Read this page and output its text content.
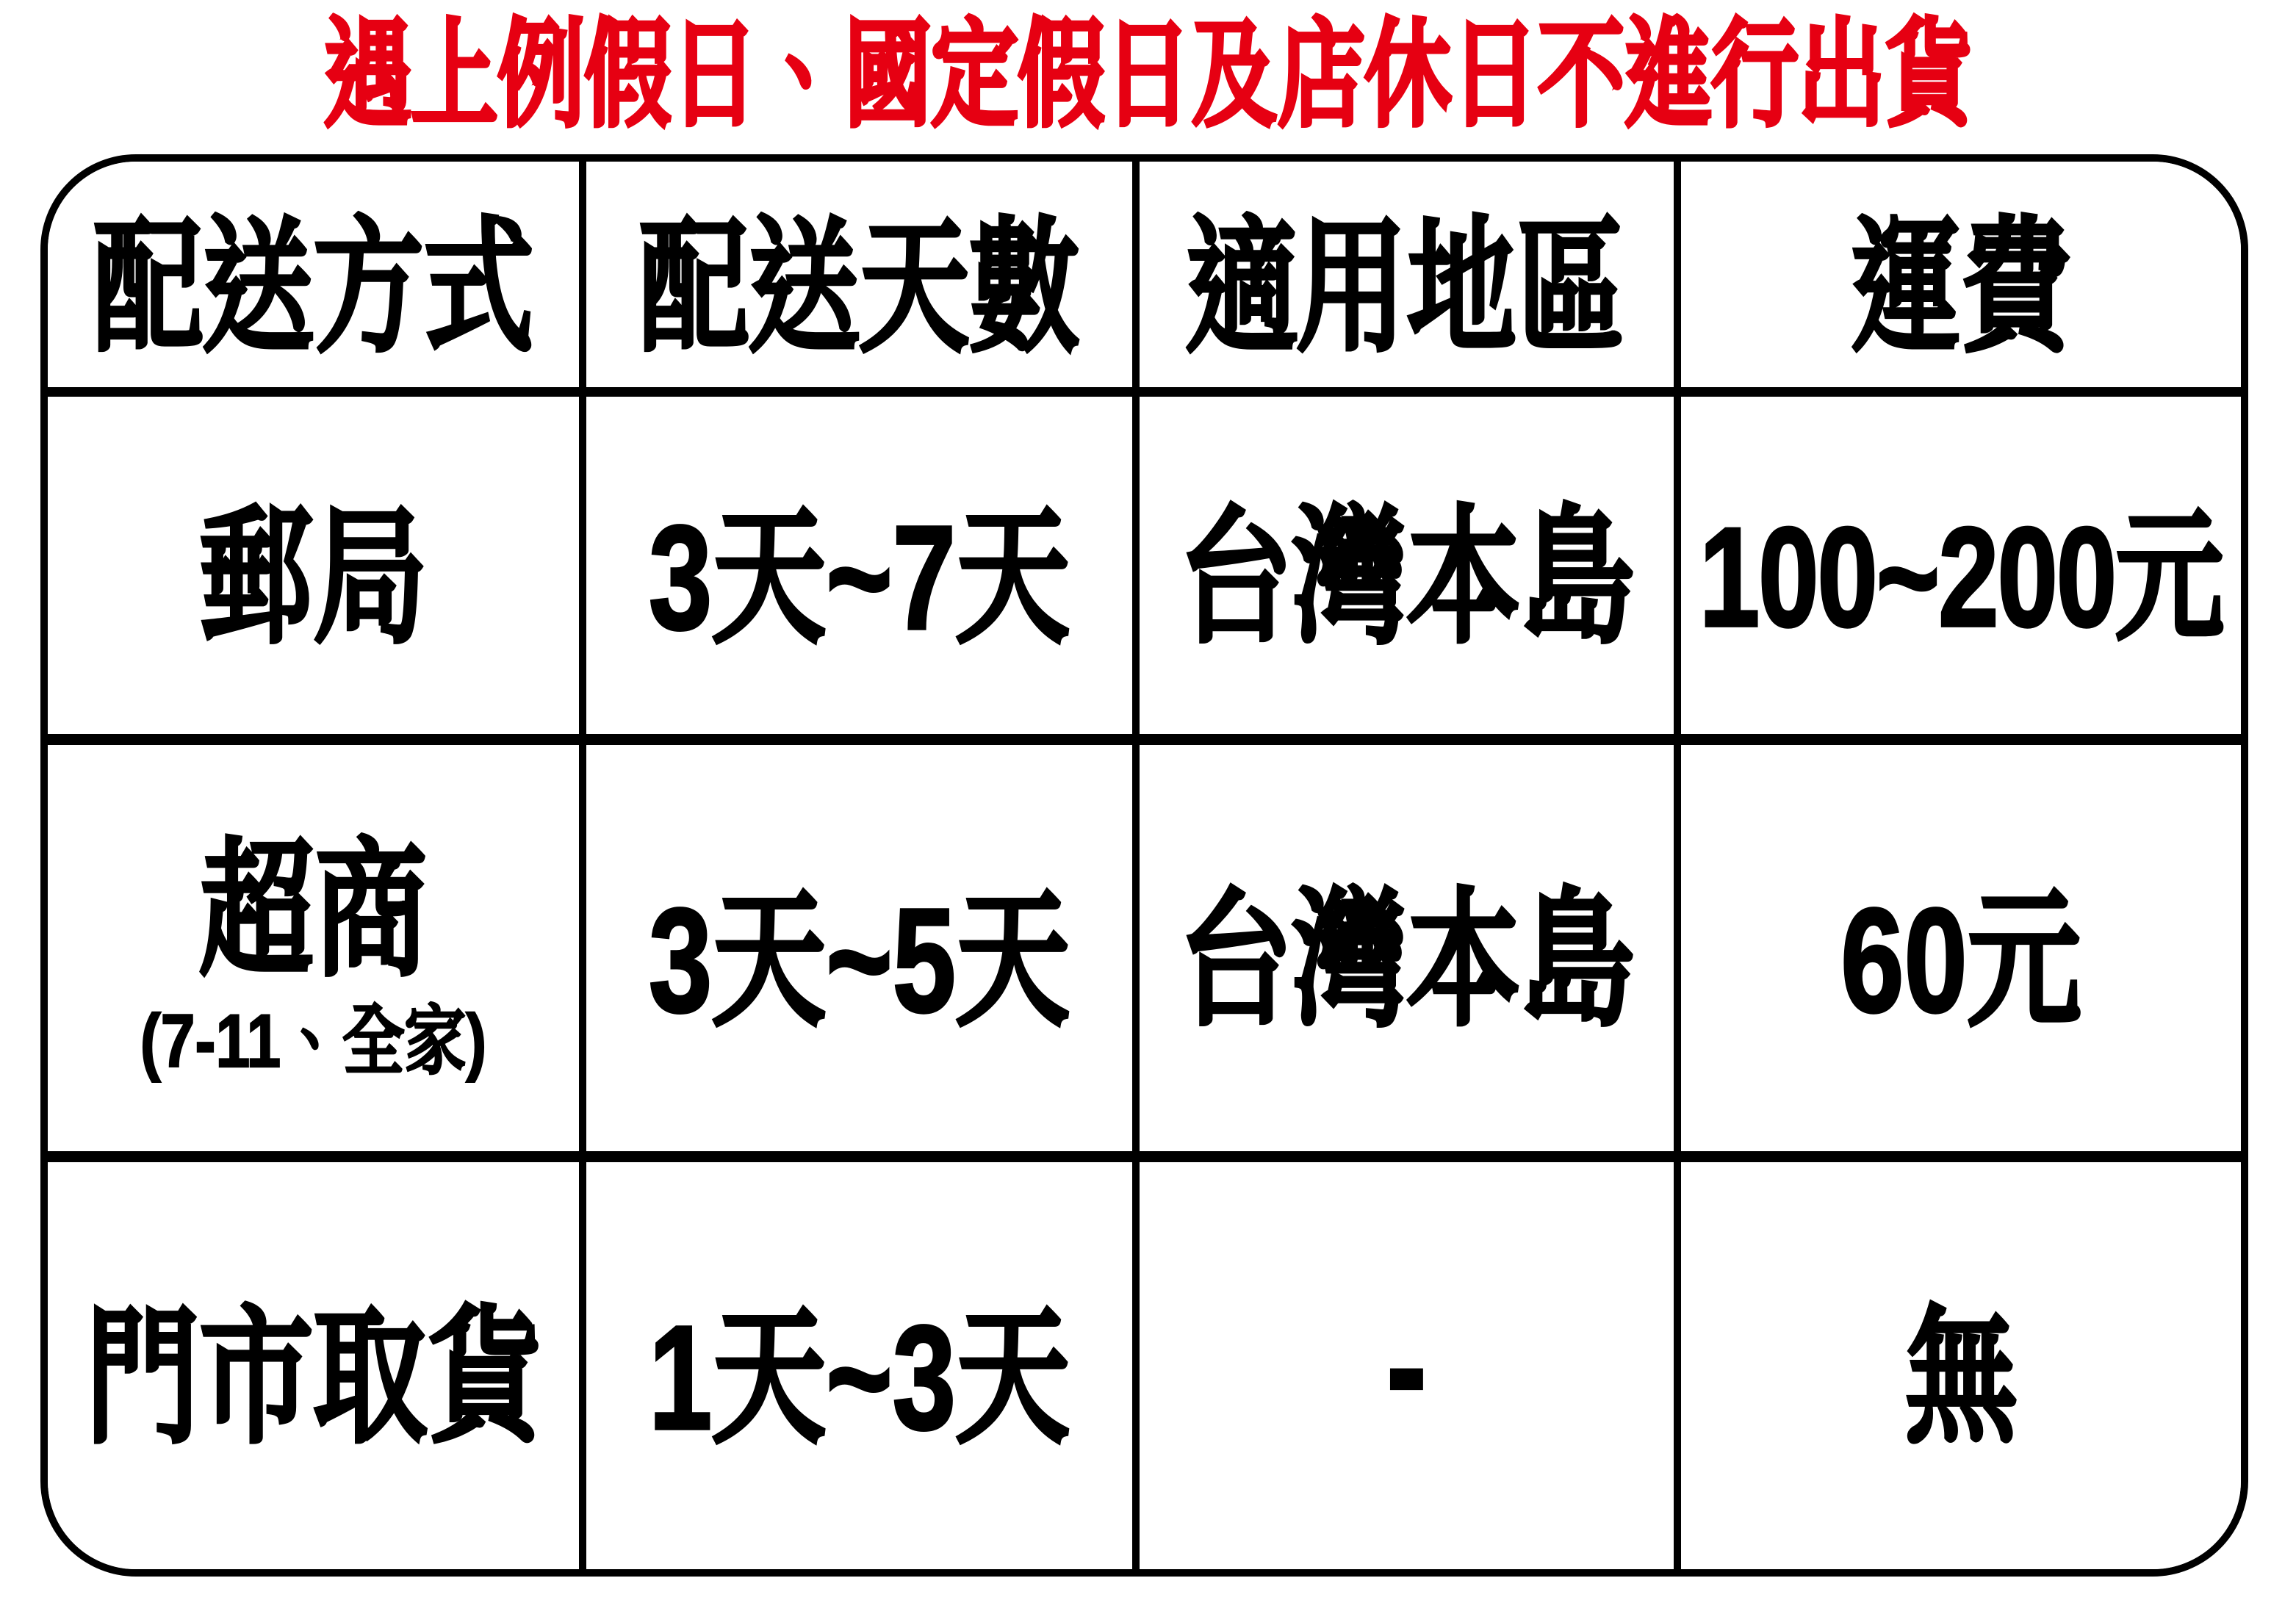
遇上例假日、國定假日及店休日不進行出貨
配送方式 配送天數 適用地區 運費
郵局 3天~7天 台灣本島 100~200元
超商
(7-11、全家) 3天~5天 台灣本島 60元
門市取貨 1天~3天	-	無
